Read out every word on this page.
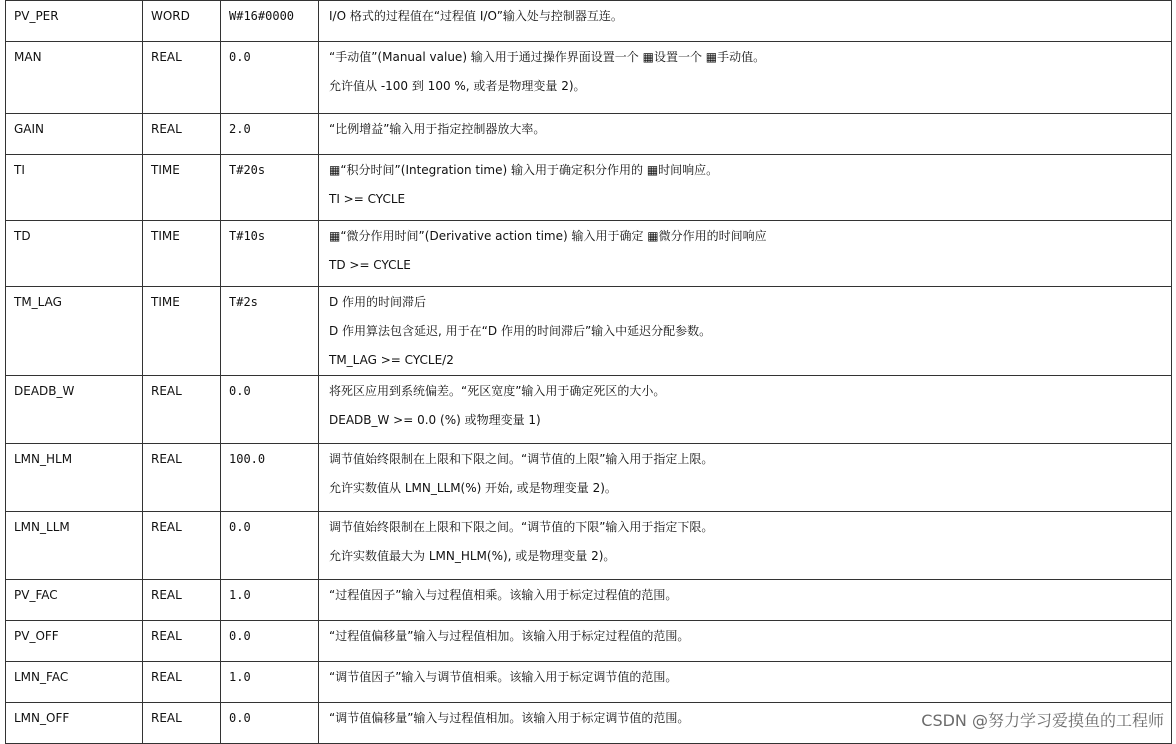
PV_PER	WORD	W#16#0000	I/O 格式的过程值在“过程值 I/O”输入处与控制器互连。

MAN	REAL	0.0	“手动值”(Manual value) 输入用于通过操作界面设置一个 ▦设置一个 ▦手动值。
允许值从 -100 到 100 %, 或者是物理变量 2)。

GAIN	REAL	2.0	“比例增益”输入用于指定控制器放大率。

TI	TIME	T#20s	▦“积分时间”(Integration time) 输入用于确定积分作用的 ▦时间响应。
TI >= CYCLE

TD	TIME	T#10s	▦“微分作用时间”(Derivative action time) 输入用于确定 ▦微分作用的时间响应
TD >= CYCLE

TM_LAG	TIME	T#2s	D 作用的时间滞后
D 作用算法包含延迟, 用于在“D 作用的时间滞后”输入中延迟分配参数。
TM_LAG >= CYCLE/2

DEADB_W	REAL	0.0	将死区应用到系统偏差。“死区宽度”输入用于确定死区的大小。
DEADB_W >= 0.0 (%) 或物理变量 1)

LMN_HLM	REAL	100.0	调节值始终限制在上限和下限之间。“调节值的上限”输入用于指定上限。
允许实数值从 LMN_LLM(%) 开始, 或是物理变量 2)。

LMN_LLM	REAL	0.0	调节值始终限制在上限和下限之间。“调节值的下限”输入用于指定下限。
允许实数值最大为 LMN_HLM(%), 或是物理变量 2)。

PV_FAC	REAL	1.0	“过程值因子”输入与过程值相乘。该输入用于标定过程值的范围。

PV_OFF	REAL	0.0	“过程值偏移量”输入与过程值相加。该输入用于标定过程值的范围。

LMN_FAC	REAL	1.0	“调节值因子”输入与调节值相乘。该输入用于标定调节值的范围。

LMN_OFF	REAL	0.0	“调节值偏移量”输入与过程值相加。该输入用于标定调节值的范围。	CSDN @努力学习爱摸鱼的工程师
